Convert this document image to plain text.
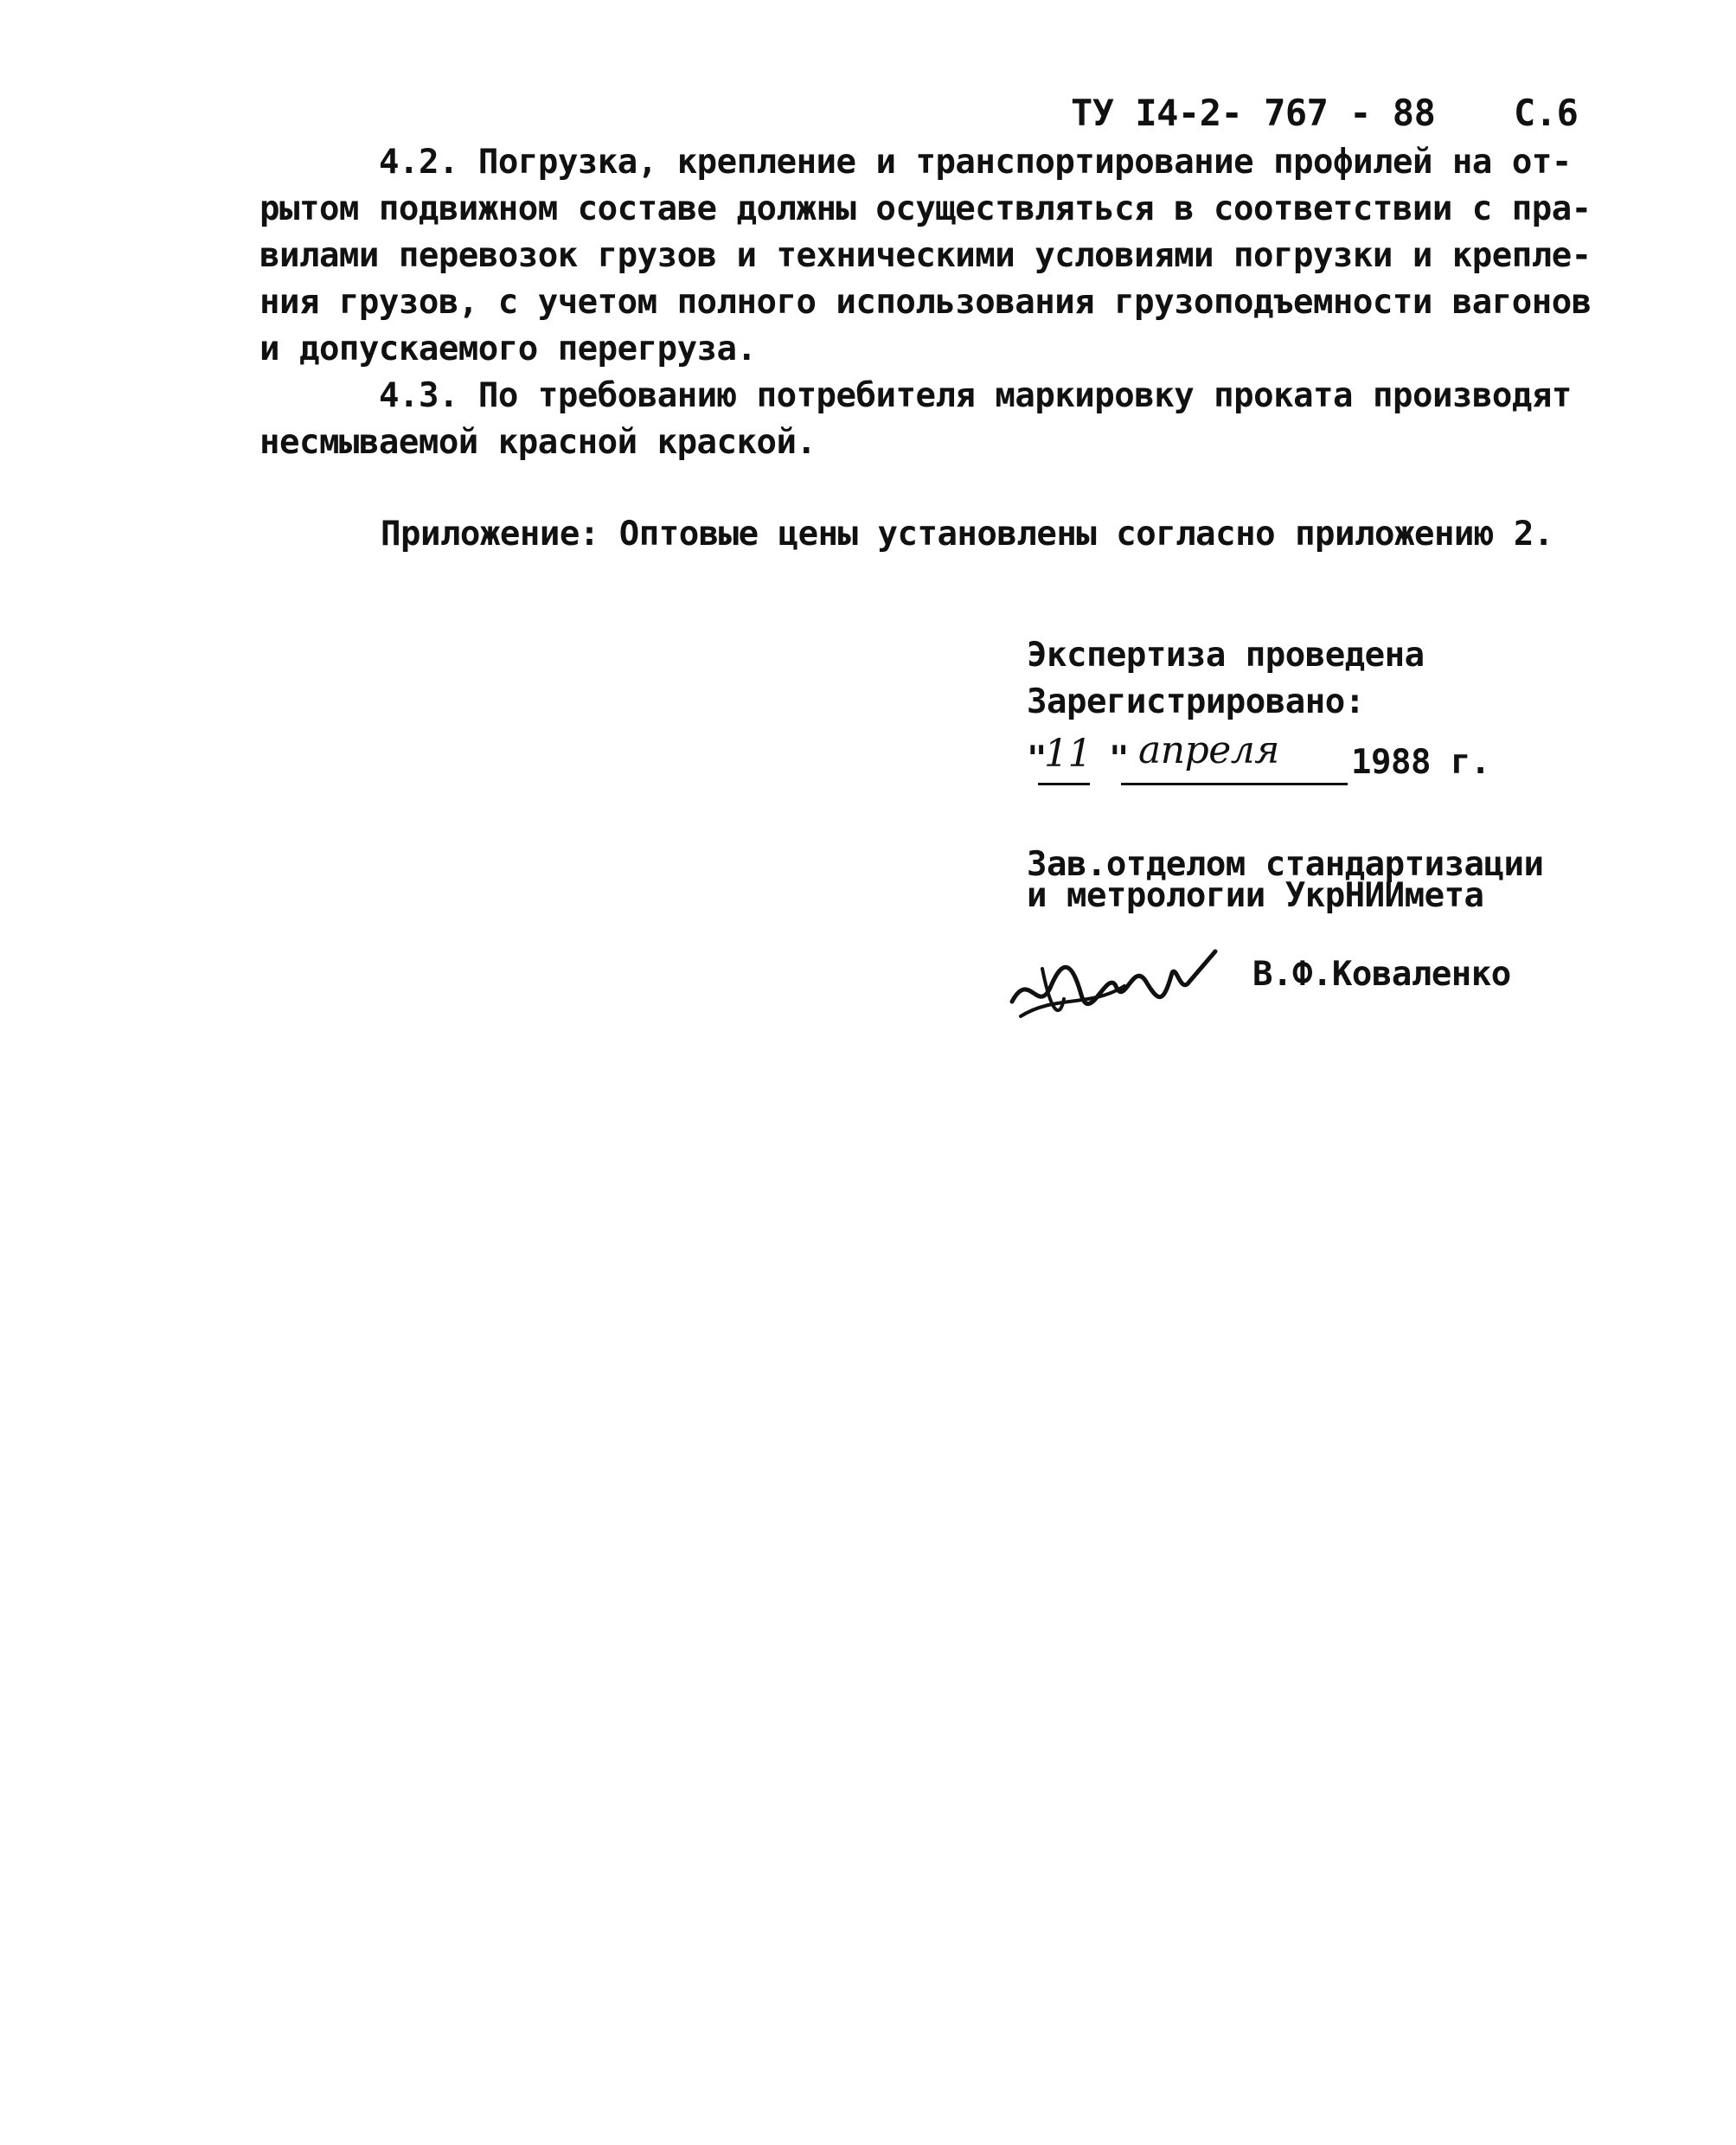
ТУ I4-2- 767 - 88 С.6
4.2. Погрузка, крепление и транспортирование профилей на от-
рытом подвижном составе должны осуществляться в соответствии с пра-
вилами перевозок грузов и техническими условиями погрузки и крепле-
ния грузов, с учетом полного использования грузоподъемности вагонов
и допускаемого перегруза.
4.3. По требованию потребителя маркировку проката производят
несмываемой красной краской.
Приложение: Оптовые цены установлены согласно приложению 2.
Экспертиза проведена
Зарегистрировано:
"
11 " апреля 1988 г.
Зав.отделом стандартизации
и метрологии УкрНИИмета
В.Ф.Коваленко
